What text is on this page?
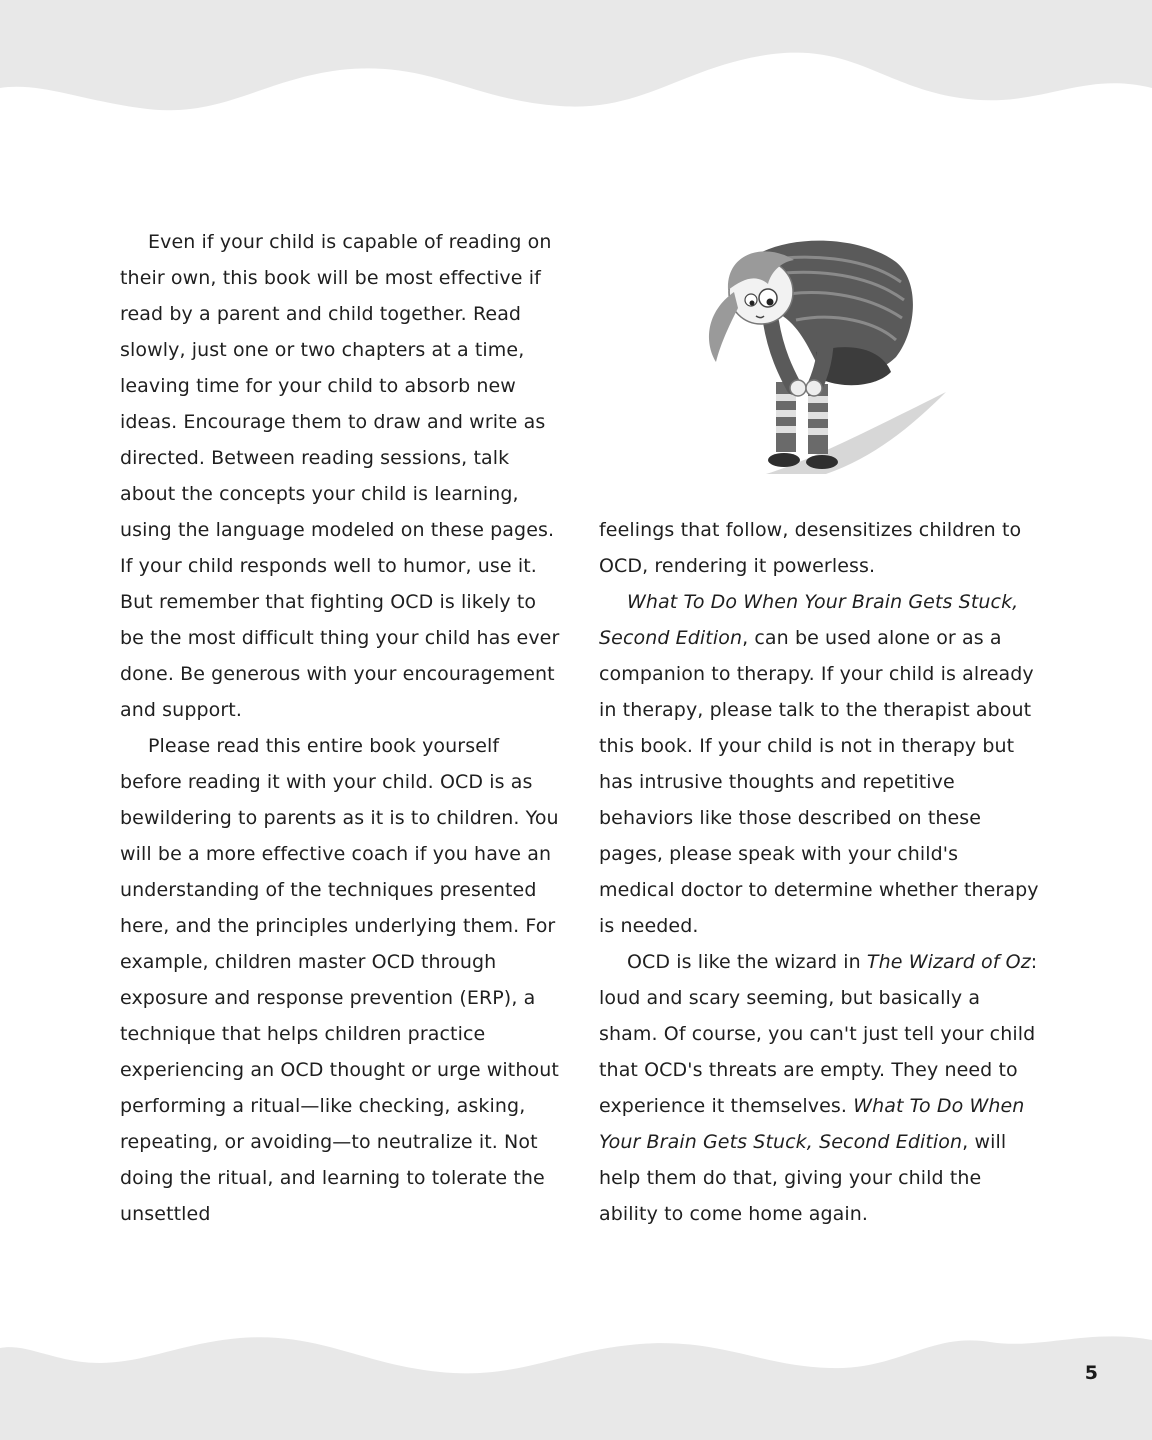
Even if your child is capable of reading on their own, this book will be most effective if read by a parent and child together. Read slowly, just one or two chapters at a time, leaving time for your child to absorb new ideas. Encourage them to draw and write as directed. Between reading sessions, talk about the concepts your child is learning, using the language modeled on these pages. If your child responds well to humor, use it. But remember that fighting OCD is likely to be the most difficult thing your child has ever done. Be generous with your encouragement and support.

Please read this entire book yourself before reading it with your child. OCD is as bewildering to parents as it is to children. You will be a more effective coach if you have an understanding of the techniques presented here, and the principles underlying them. For example, children master OCD through exposure and response prevention (ERP), a technique that helps children practice experiencing an OCD thought or urge without performing a ritual—like checking, asking, repeating, or avoiding—to neutralize it. Not doing the ritual, and learning to tolerate the unsettled

feelings that follow, desensitizes children to OCD, rendering it powerless.

What To Do When Your Brain Gets Stuck, Second Edition, can be used alone or as a companion to therapy. If your child is already in therapy, please talk to the therapist about this book. If your child is not in therapy but has intrusive thoughts and repetitive behaviors like those described on these pages, please speak with your child's medical doctor to determine whether therapy is needed.

OCD is like the wizard in The Wizard of Oz: loud and scary seeming, but basically a sham. Of course, you can't just tell your child that OCD's threats are empty. They need to experience it themselves. What To Do When Your Brain Gets Stuck, Second Edition, will help them do that, giving your child the ability to come home again.

5
